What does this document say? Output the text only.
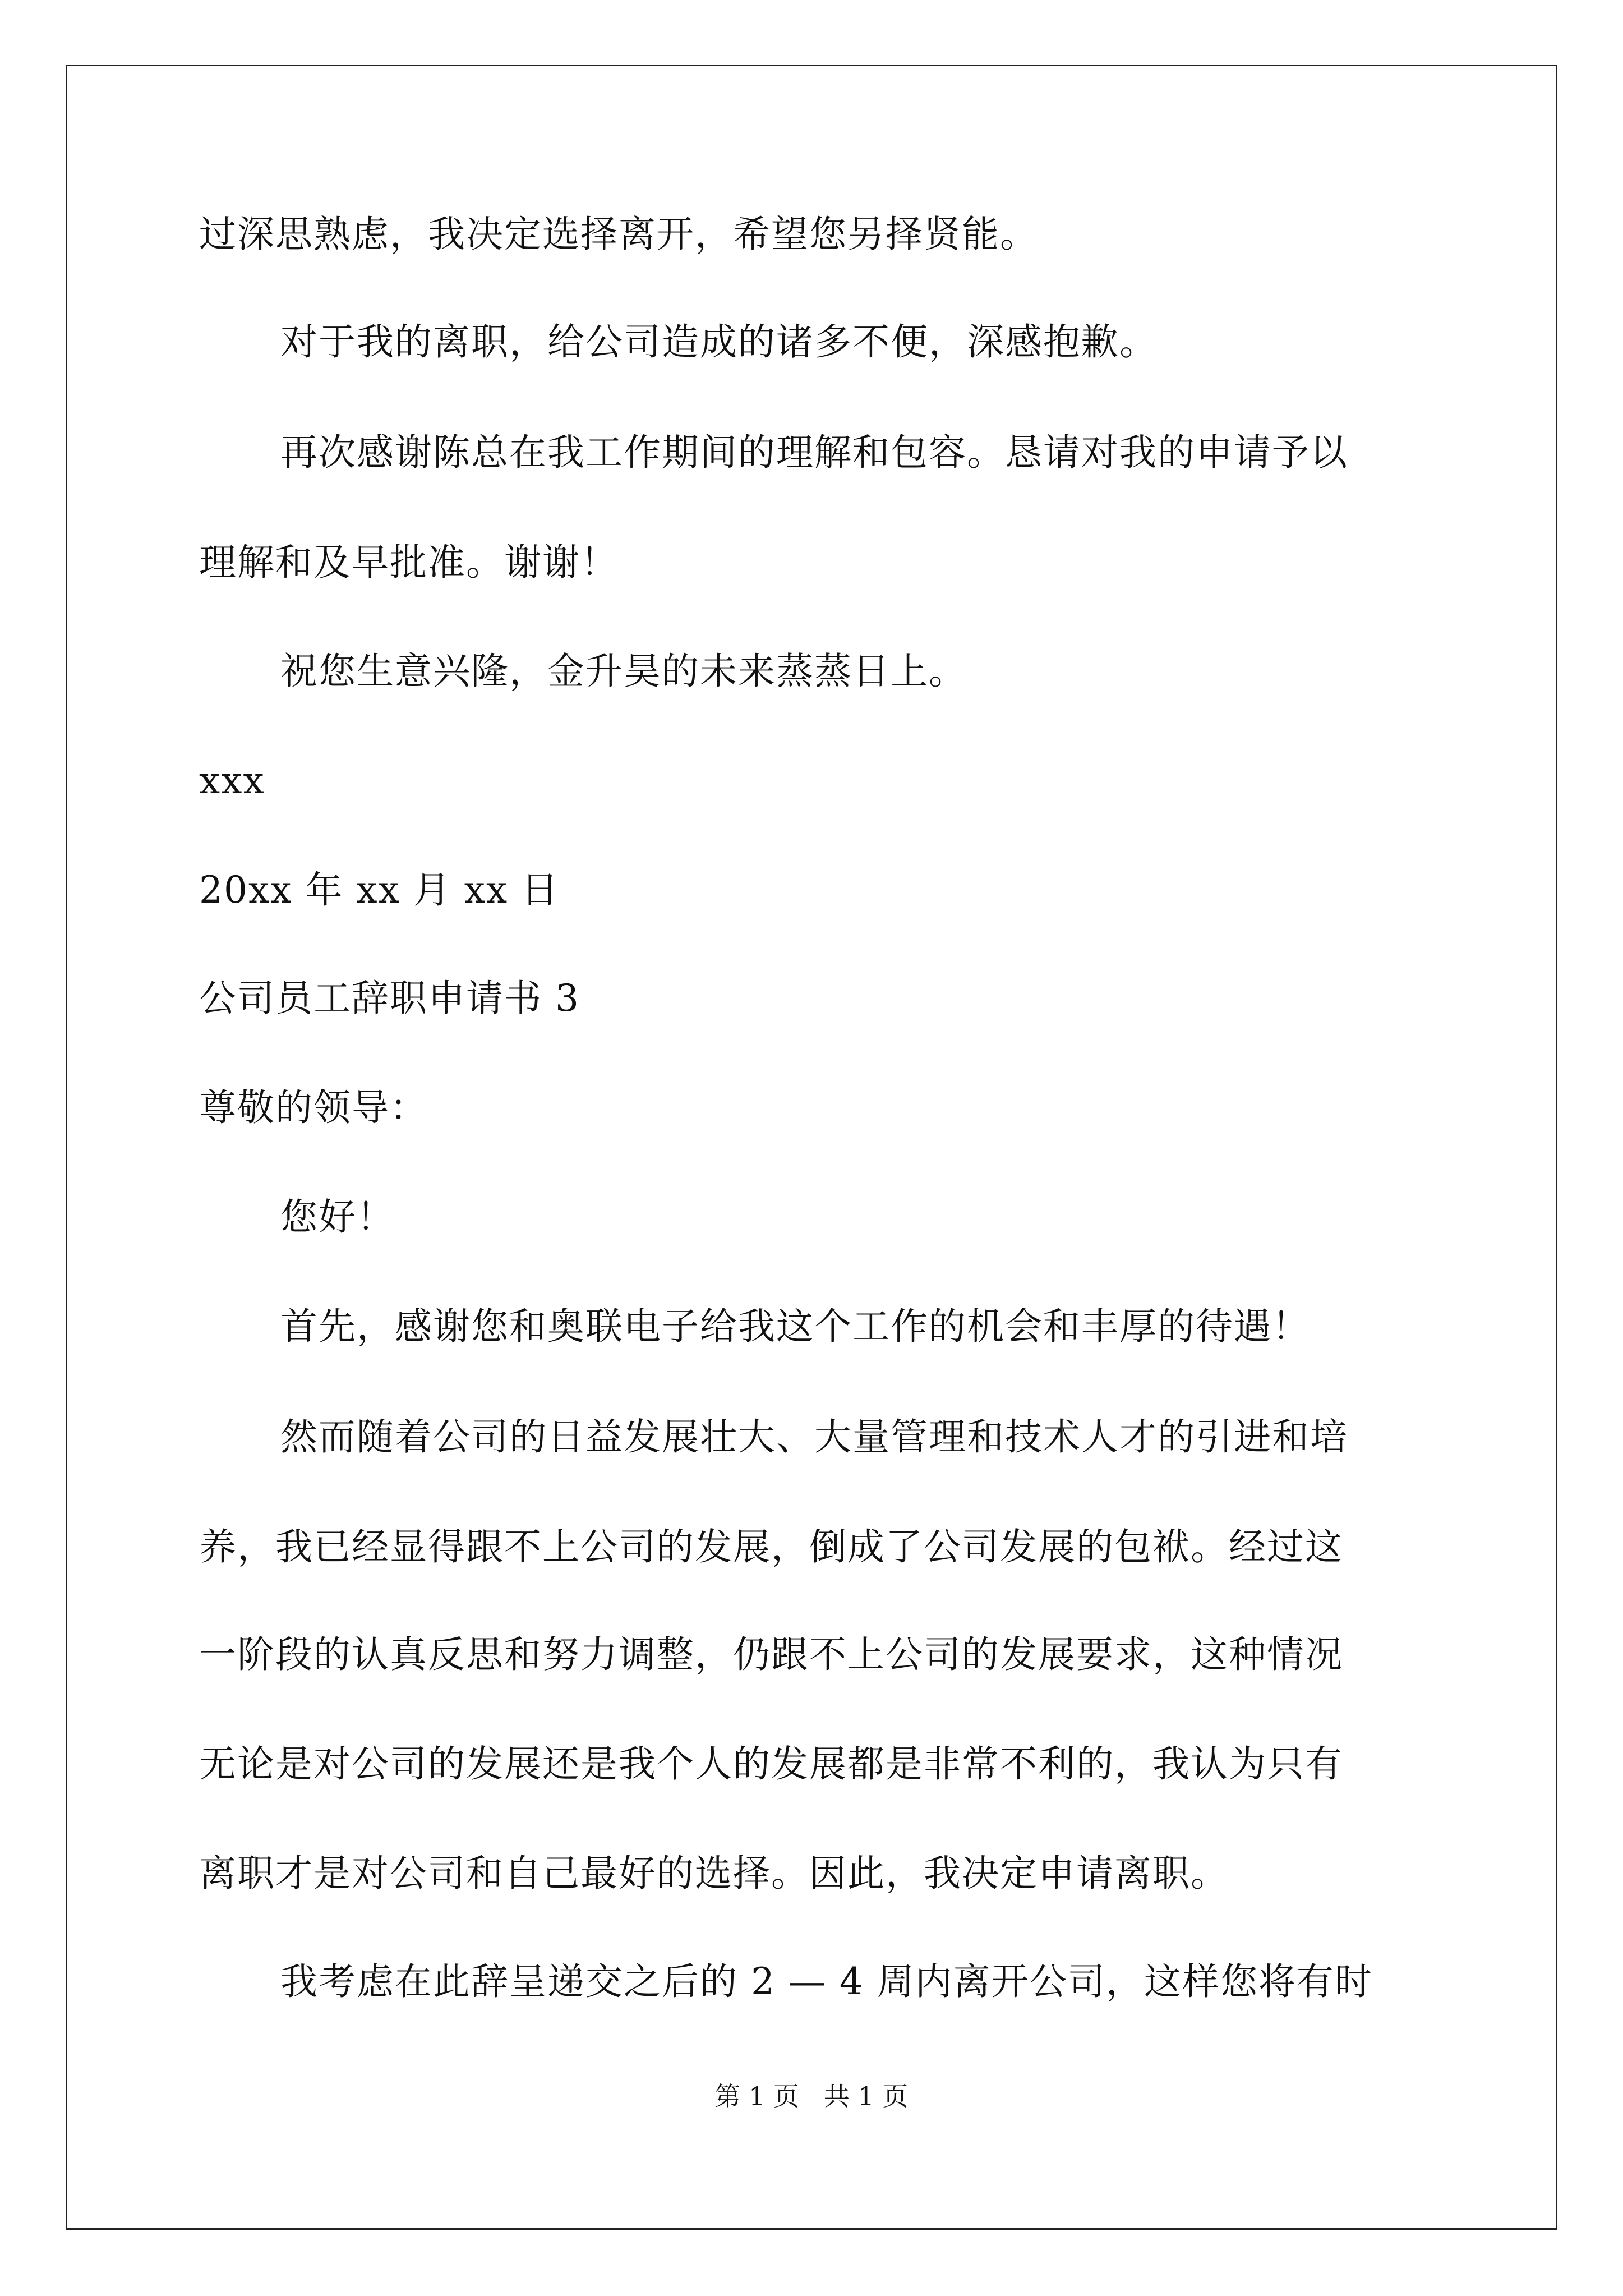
过深思熟虑，我决定选择离开，希望您另择贤能。
对于我的离职，给公司造成的诸多不便，深感抱歉。
再次感谢陈总在我工作期间的理解和包容。恳请对我的申请予以
理解和及早批准。谢谢！
祝您生意兴隆，金升昊的未来蒸蒸日上。
xxx
20xx 年 xx 月 xx 日
公司员工辞职申请书 3
尊敬的领导：
您好！
首先，感谢您和奥联电子给我这个工作的机会和丰厚的待遇！
然而随着公司的日益发展壮大、大量管理和技术人才的引进和培
养，我已经显得跟不上公司的发展，倒成了公司发展的包袱。经过这
一阶段的认真反思和努力调整，仍跟不上公司的发展要求，这种情况
无论是对公司的发展还是我个人的发展都是非常不利的，我认为只有
离职才是对公司和自己最好的选择。因此，我决定申请离职。
我考虑在此辞呈递交之后的 2 — 4 周内离开公司，这样您将有时
第 1 页   共 1 页
